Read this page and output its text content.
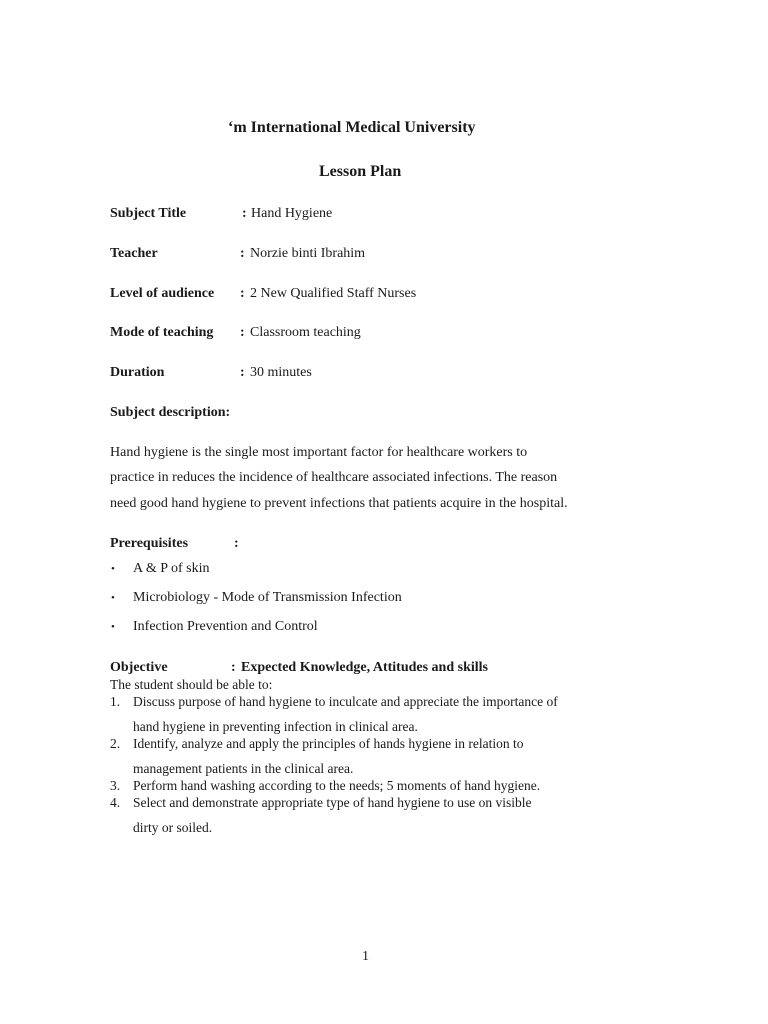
‘m International Medical University
Lesson Plan
Subject Title	: Hand Hygiene
Teacher	: Norzie binti Ibrahim
Level of audience : 2 New Qualified Staff Nurses
Mode of teaching : Classroom teaching
Duration	: 30 minutes
Subject description:
Hand hygiene is the single most important factor for healthcare workers to
practice in reduces the incidence of healthcare associated infections. The reason
need good hand hygiene to prevent infections that patients acquire in the hospital.
Prerequisites	:
• A & P of skin
• Microbiology - Mode of Transmission Infection
• Infection Prevention and Control
Objective	: Expected Knowledge, Attitudes and skills
The student should be able to:
1. Discuss purpose of hand hygiene to inculcate and appreciate the importance of
hand hygiene in preventing infection in clinical area.
2. Identify, analyze and apply the principles of hands hygiene in relation to
management patients in the clinical area.
3. Perform hand washing according to the needs; 5 moments of hand hygiene.
4. Select and demonstrate appropriate type of hand hygiene to use on visible
dirty or soiled.
1
